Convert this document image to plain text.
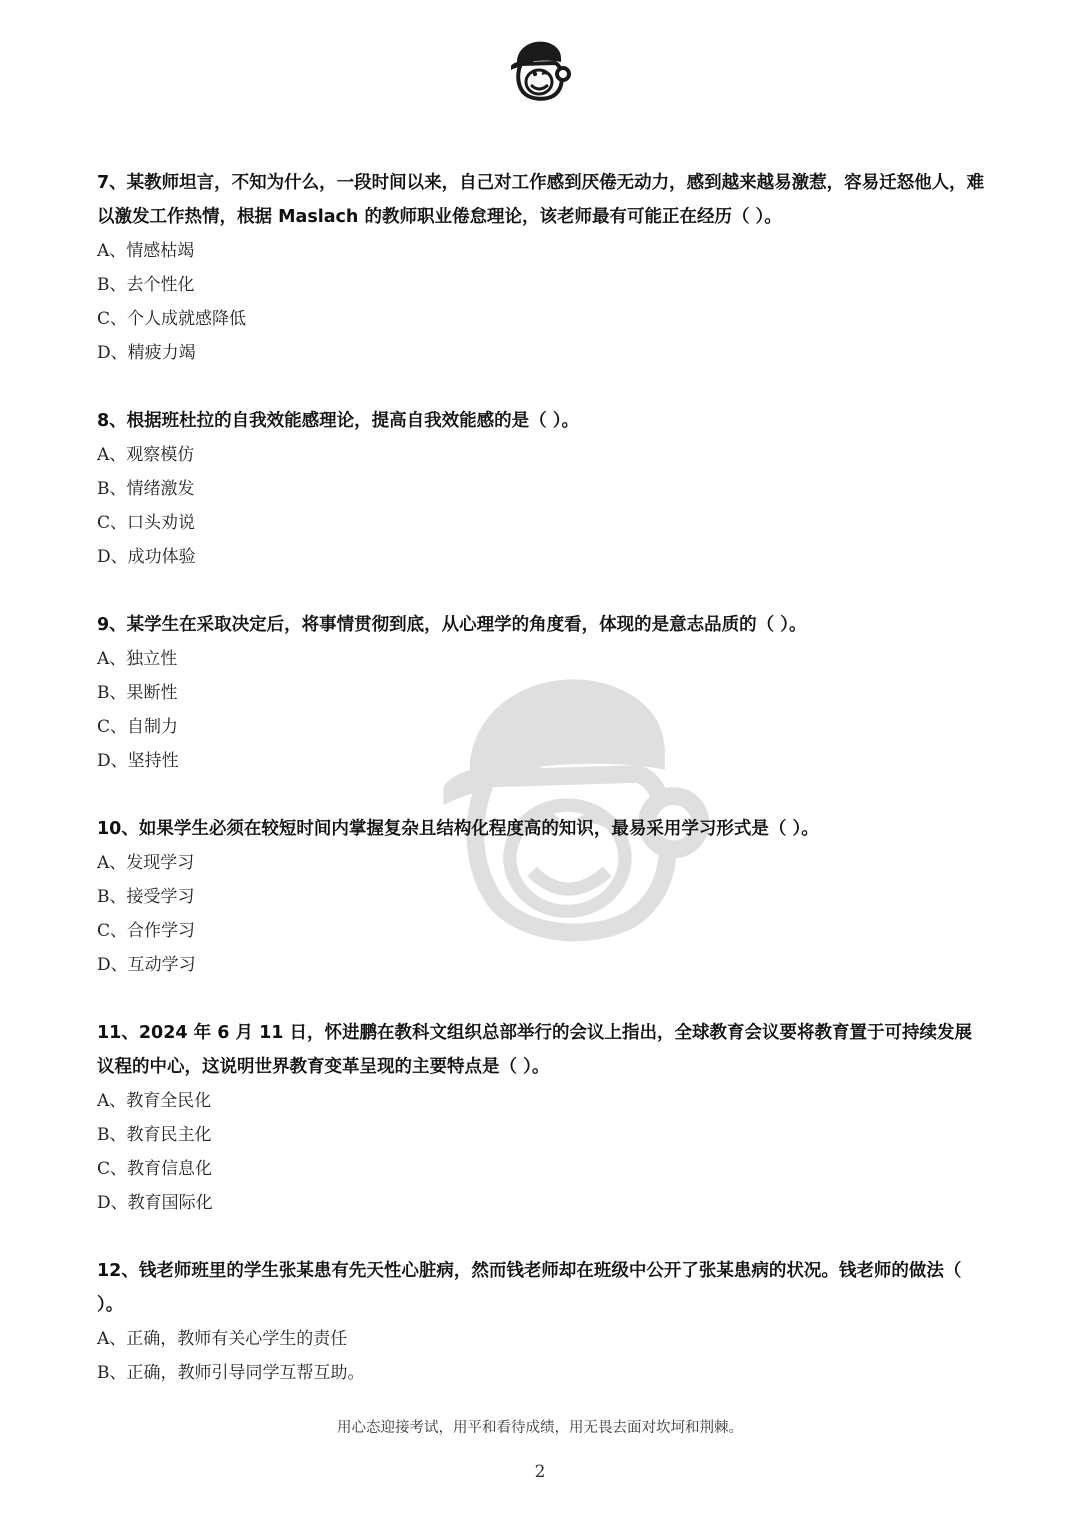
7、某教师坦言，不知为什么，一段时间以来，自己对工作感到厌倦无动力，感到越来越易激惹，容易迁怒他人，难以激发工作热情，根据 Maslach 的教师职业倦怠理论，该老师最有可能正在经历（ ）。

A、情感枯竭

B、去个性化

C、个人成就感降低

D、精疲力竭

8、根据班杜拉的自我效能感理论，提高自我效能感的是（ ）。

A、观察模仿

B、情绪激发

C、口头劝说

D、成功体验

9、某学生在采取决定后，将事情贯彻到底，从心理学的角度看，体现的是意志品质的（ ）。

A、独立性

B、果断性

C、自制力

D、坚持性

10、如果学生必须在较短时间内掌握复杂且结构化程度高的知识，最易采用学习形式是（ ）。

A、发现学习

B、接受学习

C、合作学习

D、互动学习

11、2024 年 6 月 11 日，怀进鹏在教科文组织总部举行的会议上指出，全球教育会议要将教育置于可持续发展议程的中心，这说明世界教育变革呈现的主要特点是（ ）。

A、教育全民化

B、教育民主化

C、教育信息化

D、教育国际化

12、钱老师班里的学生张某患有先天性心脏病，然而钱老师却在班级中公开了张某患病的状况。钱老师的做法（ ）。

A、正确，教师有关心学生的责任

B、正确，教师引导同学互帮互助。

用心态迎接考试，用平和看待成绩，用无畏去面对坎坷和荆棘。
2
